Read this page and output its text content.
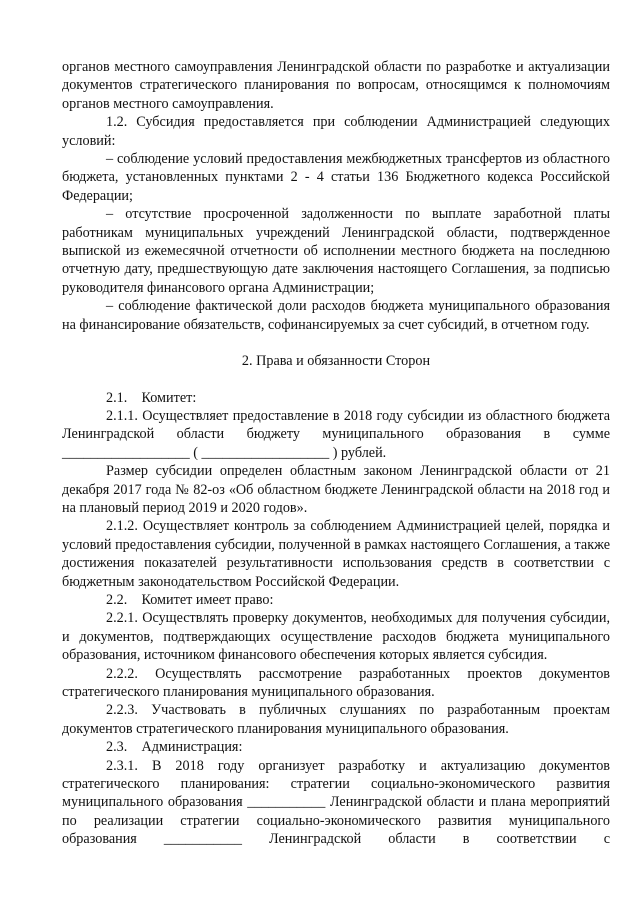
органов местного самоуправления Ленинградской области по разработке и актуализации документов стратегического планирования по вопросам, относящимся к полномочиям органов местного самоуправления.

1.2. Субсидия предоставляется при соблюдении Администрацией следующих условий:

– соблюдение условий предоставления межбюджетных трансфертов из областного бюджета, установленных пунктами 2 - 4 статьи 136 Бюджетного кодекса Российской Федерации;

– отсутствие просроченной задолженности по выплате заработной платы работникам муниципальных учреждений Ленинградской области, подтвержденное выпиской из ежемесячной отчетности об исполнении местного бюджета на последнюю отчетную дату, предшествующую дате заключения настоящего Соглашения, за подписью руководителя финансового органа Администрации;

– соблюдение фактической доли расходов бюджета муниципального образования на финансирование обязательств, софинансируемых за счет субсидий, в отчетном году.

2. Права и обязанности Сторон

2.1.    Комитет:

2.1.1. Осуществляет предоставление в 2018 году субсидии из областного бюджета Ленинградской области бюджету муниципального образования в сумме __________________ ( __________________ ) рублей.

Размер субсидии определен областным законом Ленинградской области от 21 декабря 2017 года № 82-оз «Об областном бюджете Ленинградской области на 2018 год и на плановый период 2019 и 2020 годов».

2.1.2. Осуществляет контроль за соблюдением Администрацией целей, порядка и условий предоставления субсидии, полученной в рамках настоящего Соглашения, а также достижения показателей результативности использования средств в соответствии с бюджетным законодательством Российской Федерации.

2.2.    Комитет имеет право:

2.2.1. Осуществлять проверку документов, необходимых для получения субсидии, и документов, подтверждающих осуществление расходов бюджета муниципального образования, источником финансового обеспечения которых является субсидия.

2.2.2. Осуществлять рассмотрение разработанных проектов документов стратегического планирования муниципального образования.

2.2.3. Участвовать в публичных слушаниях по разработанным проектам документов стратегического планирования муниципального образования.

2.3.    Администрация:

2.3.1. В 2018 году организует разработку и актуализацию документов стратегического планирования: стратегии социально-экономического развития муниципального образования ___________ Ленинградской области и плана мероприятий по реализации стратегии социально-экономического развития муниципального образования ___________ Ленинградской области в соответствии с
